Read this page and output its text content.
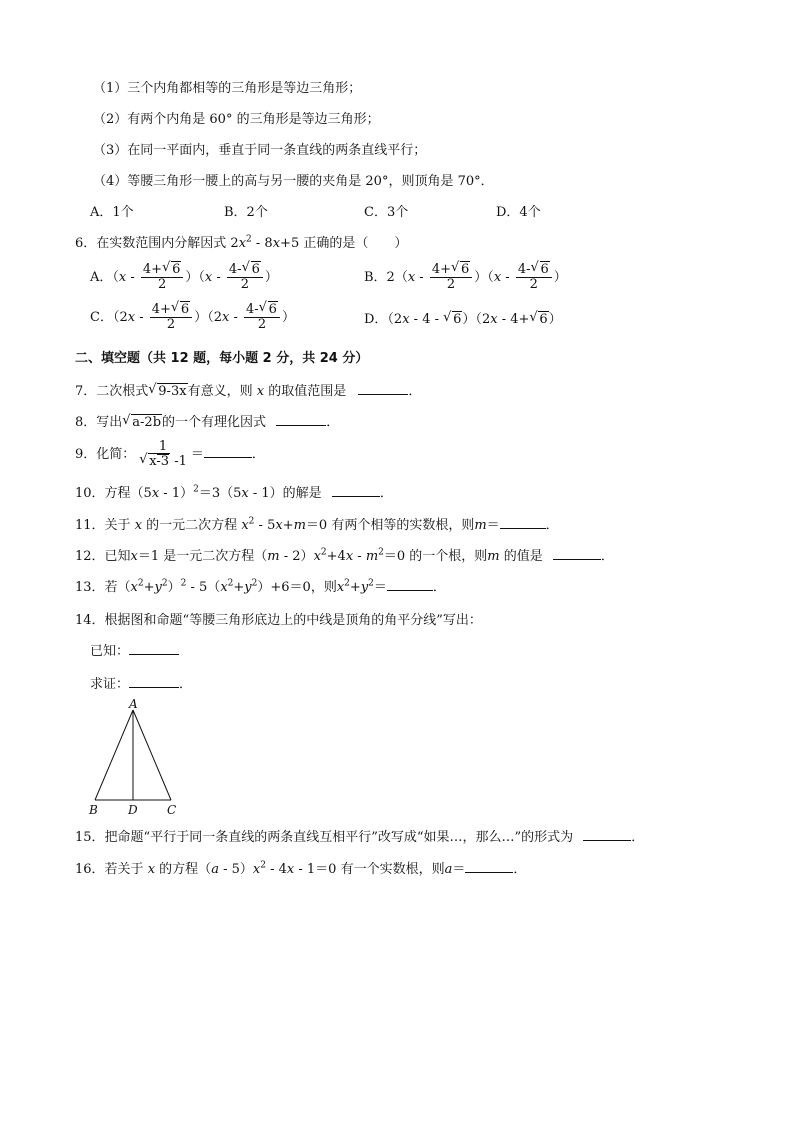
（1）三个内角都相等的三角形是等边三角形；
（2）有两个内角是 60° 的三角形是等边三角形；
（3）在同一平面内，垂直于同一条直线的两条直线平行；
（4）等腰三角形一腰上的高与另一腰的夹角是 20°，则顶角是 70°．
A．1个	B．2个	C．3个	D．4个
6．在实数范围内分解因式 $2x^2 - 8x+5$ 正确的是（　　）
A．$(x - \frac{4+ √ 6}{2} )(x - \frac{4- √ 6}{2}$ ）	B．$2(x - \frac{4+ √ 6}{2} )(x - \frac{4- √ 6}{2}$ ）
C．$(2x - \frac{4+ √ 6}{2} )(2x - \frac{4- √ 6}{2}$ ）	D．（2x - 4 - √ 6）（2x - 4+ √ 6）
二、填空题（共 12 题，每小题 2 分，共 24 分）
7．二次根式 √ 9-3x有意义，则 x 的取值范围是	．
8．写出 √ a-2b的一个有理化因式	．
9．化简： 1
√ x-3 -1 ＝	．
10．方程（5x - 1）$^2$＝3（5x - 1）的解是	．
11．关于 x 的一元二次方程 $x^2 - 5x+m=0$ 有两个相等的实数根，则m＝	．
12．已知x＝1 是一元二次方程$(m - 2)x^2+4x - m^2=0$ 的一个根，则m 的值是	．
13．若$(x^2+y^2)^2 - 5(x^2+y^2)+6=0$，则$x^2+y^2=$	．
14．根据图和命题“等腰三角形底边上的中线是顶角的角平分线”写出：
已知：
求证：	．
A
B	D C
15．把命题“平行于同一条直线的两条直线互相平行”改写成“如果…，那么…”的形式为	．
16．若关于 x 的方程$(a - 5)x^2 - 4x - 1=0$ 有一个实数根，则a＝	．
